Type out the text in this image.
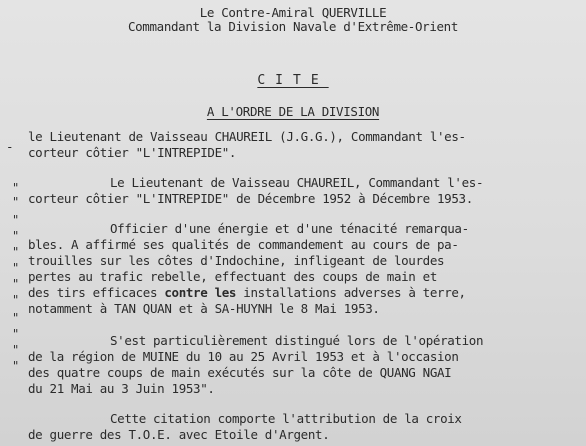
Le Contre-Amiral QUERVILLE
Commandant la Division Navale d'Extrême-Orient
CITE
A L'ORDRE DE LA DIVISION
-
"
"
"
"
"
"
"
"
"
"
"
"
le Lieutenant de Vaisseau CHAUREIL (J.G.G.), Commandant l'es-
corteur côtier "L'INTREPIDE".
Le Lieutenant de Vaisseau CHAUREIL, Commandant l'es-
corteur côtier "L'INTREPIDE" de Décembre 1952 à Décembre 1953.
Officier d'une énergie et d'une ténacité remarqua-
bles. A affirmé ses qualités de commandement au cours de pa-
trouilles sur les côtes d'Indochine, infligeant de lourdes
pertes au trafic rebelle, effectuant des coups de main et
des tirs efficaces contre les installations adverses à terre,
notamment à TAN QUAN et à SA-HUYNH le 8 Mai 1953.
S'est particulièrement distingué lors de l'opération
de la région de MUINE du 10 au 25 Avril 1953 et à l'occasion
des quatre coups de main exécutés sur la côte de QUANG NGAI
du 21 Mai au 3 Juin 1953".
Cette citation comporte l'attribution de la croix
de guerre des T.O.E. avec Etoile d'Argent.
